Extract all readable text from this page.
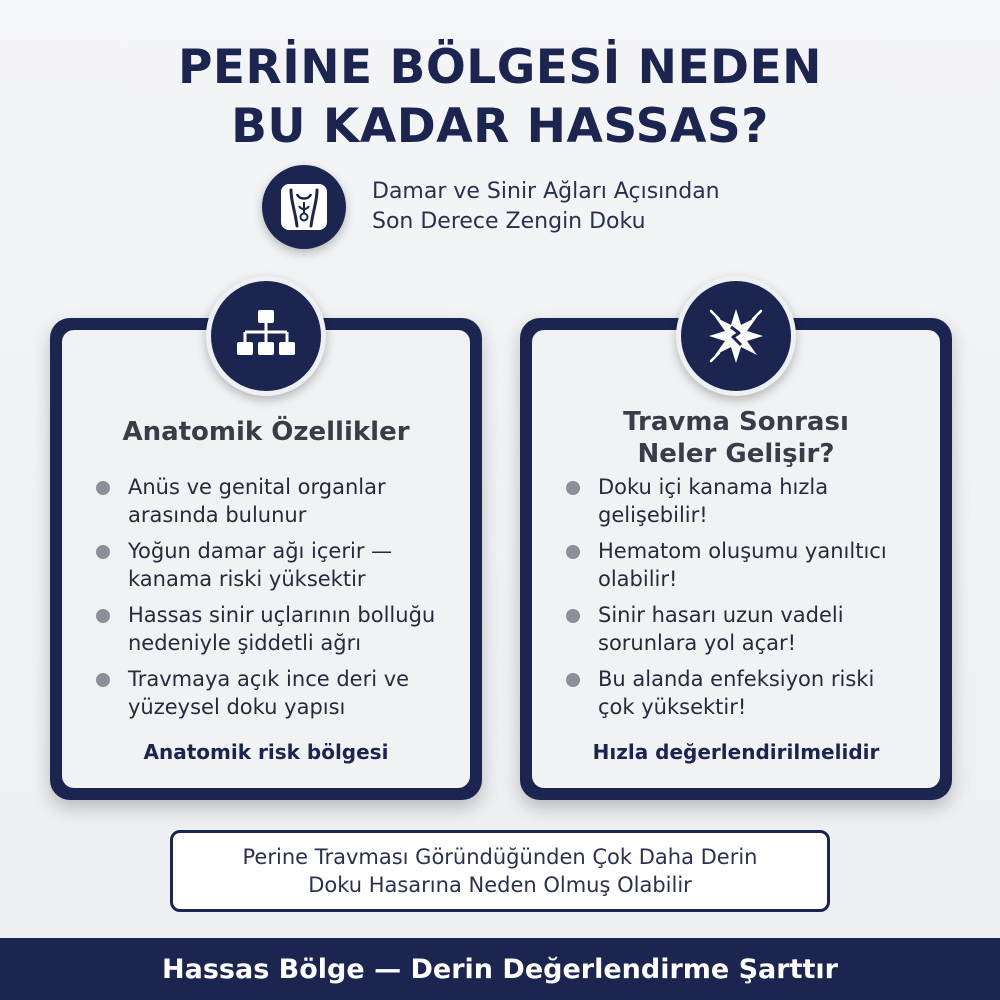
PERİNE BÖLGESİ NEDEN
BU KADAR HASSAS?
Damar ve Sinir Ağları Açısından
Son Derece Zengin Doku
Anatomik Özellikler
Anüs ve genital organlar
arasında bulunur
Yoğun damar ağı içerir —
kanama riski yüksektir
Hassas sinir uçlarının bolluğu
nedeniyle şiddetli ağrı
Travmaya açık ince deri ve
yüzeysel doku yapısı
Anatomik risk bölgesi
Travma Sonrası
Neler Gelişir?
Doku içi kanama hızla
gelişebilir!
Hematom oluşumu yanıltıcı
olabilir!
Sinir hasarı uzun vadeli
sorunlara yol açar!
Bu alanda enfeksiyon riski
çok yüksektir!
Hızla değerlendirilmelidir
Perine Travması Göründüğünden Çok Daha Derin
Doku Hasarına Neden Olmuş Olabilir
Hassas Bölge — Derin Değerlendirme Şarttır
